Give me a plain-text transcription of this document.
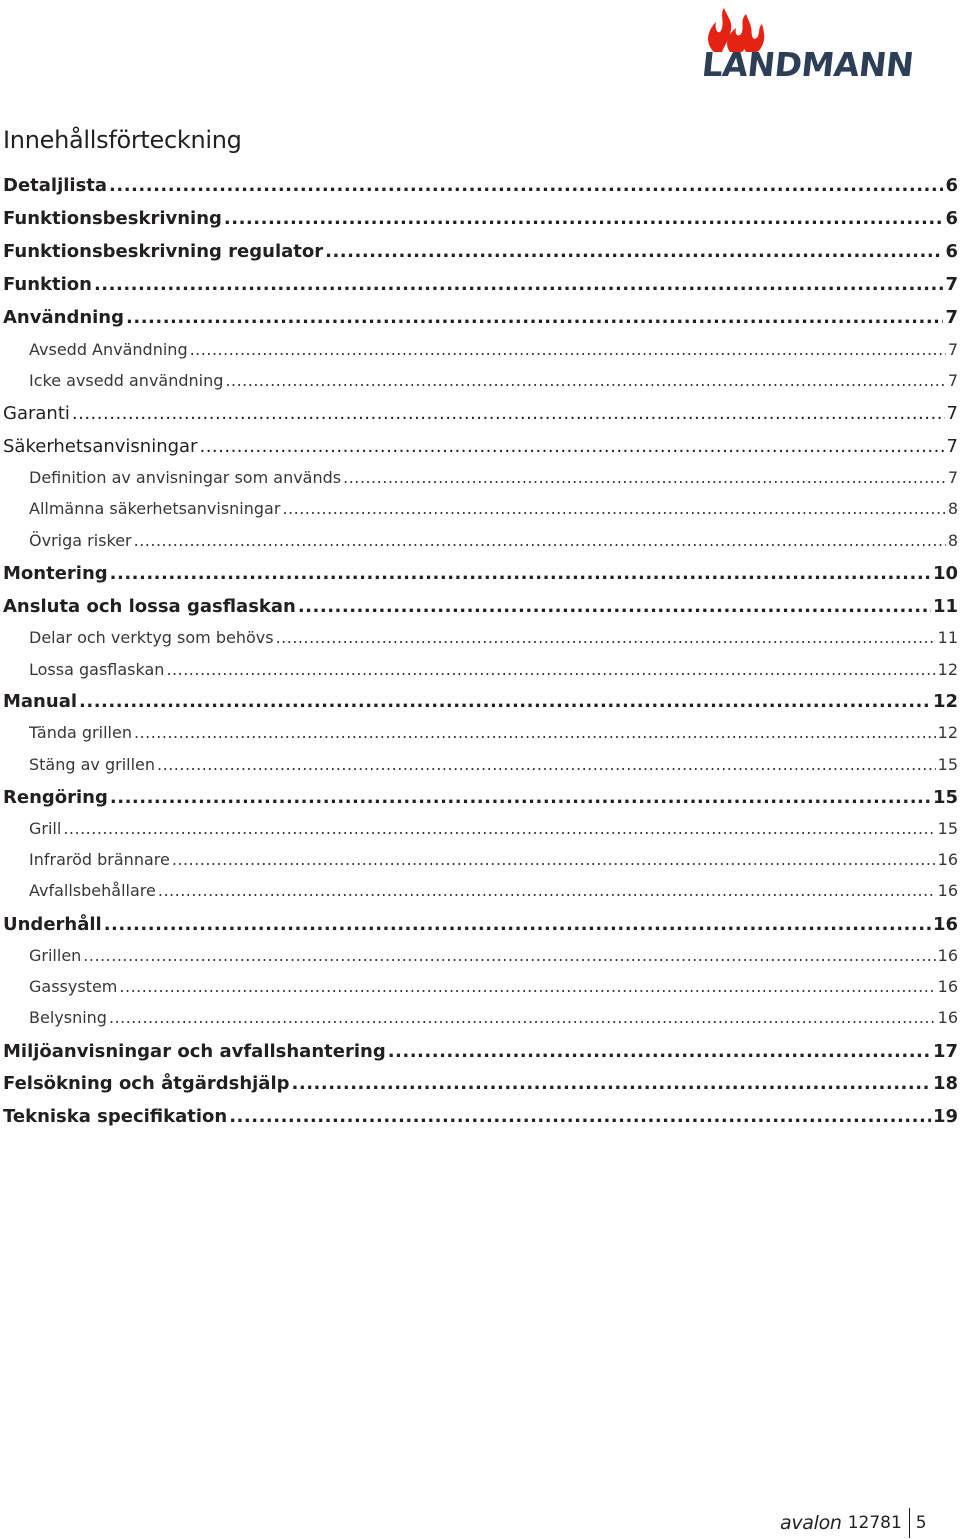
LANDMANN
Innehållsförteckning
Detaljlista .....	6
Funktionsbeskrivning .....	6
Funktionsbeskrivning regulator .....	6
Funktion .....	7
Användning .....	7
Avsedd Användning .....	7
Icke avsedd användning .....	7
Garanti .....	7
Säkerhetsanvisningar .....	7
Definition av anvisningar som används .....	7
Allmänna säkerhetsanvisningar .....	8
Övriga risker .....	8
Montering .....	10
Ansluta och lossa gasflaskan .....	11
Delar och verktyg som behövs .....	11
Lossa gasflaskan .....	12
Manual .....	12
Tända grillen .....	12
Stäng av grillen .....	15
Rengöring .....	15
Grill .....	15
Infraröd brännare .....	16
Avfallsbehållare .....	16
Underhåll .....	16
Grillen .....	16
Gassystem .....	16
Belysning .....	16
Miljöanvisningar och avfallshantering .....	17
Felsökning och åtgärdshjälp .....	18
Tekniska specifikation .....	19
avalon 12781 5
